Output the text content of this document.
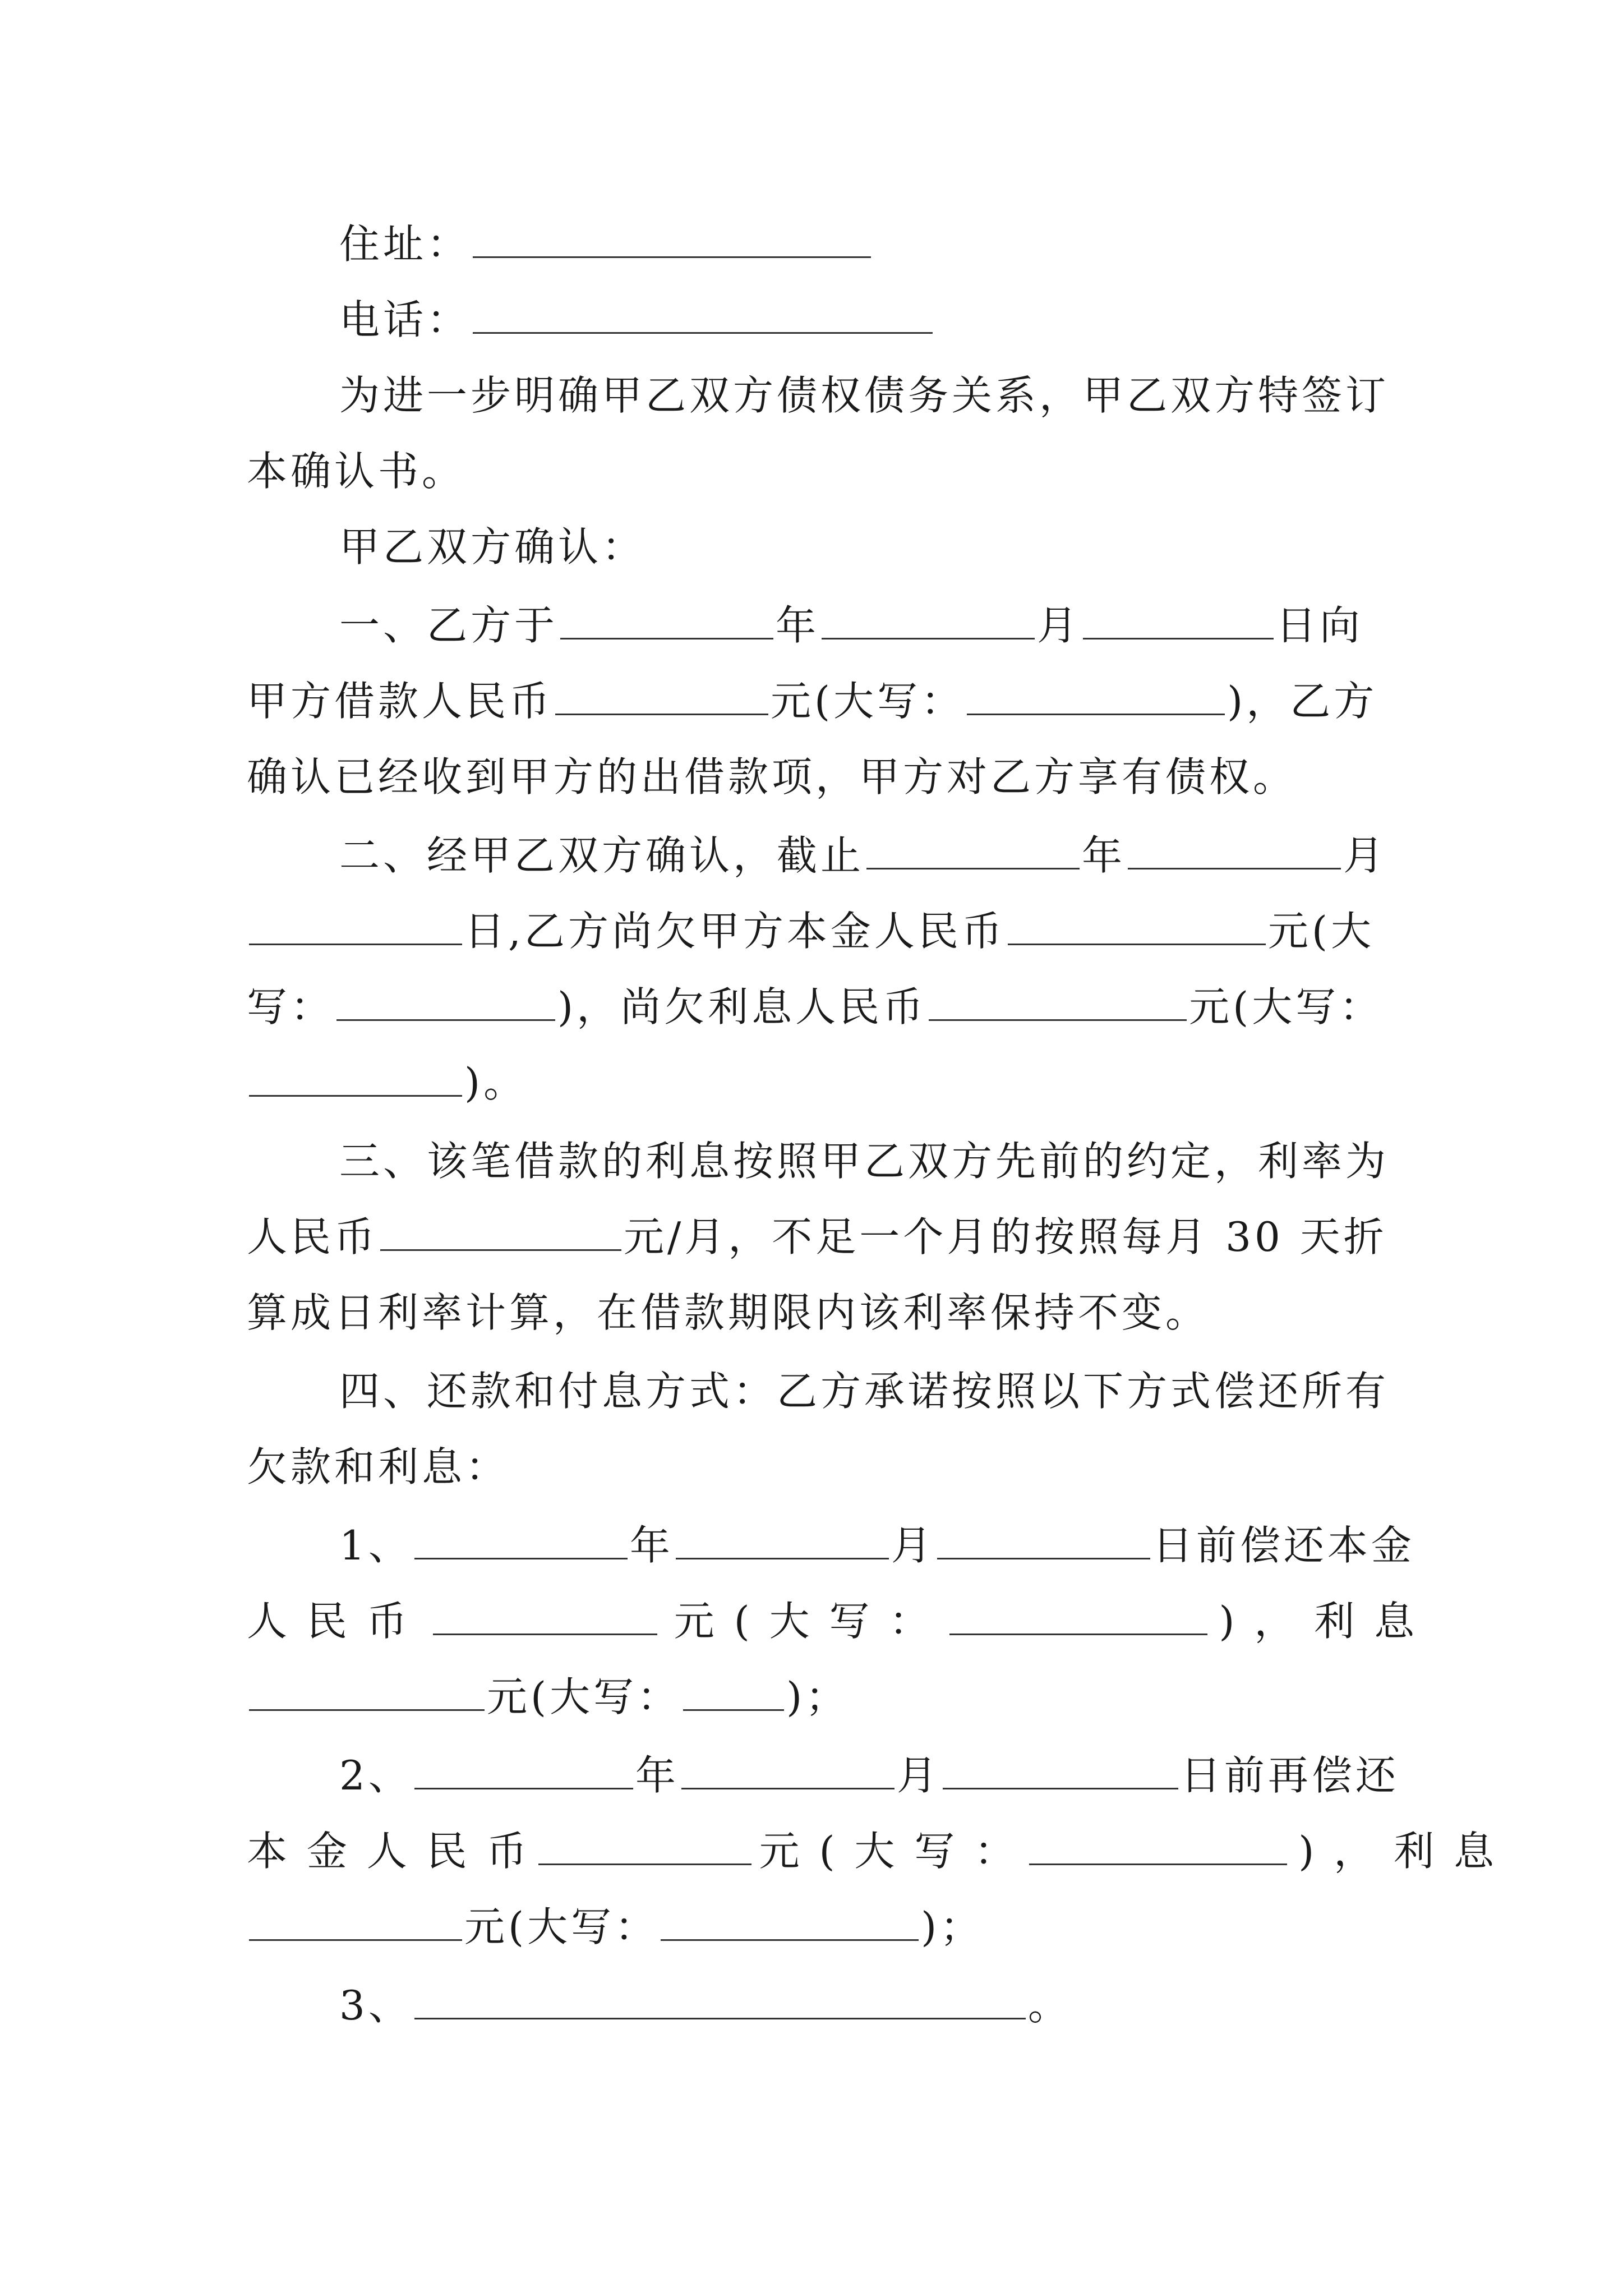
住址：
电话：
为进一步明确甲乙双方债权债务关系，甲乙双方特签订
本确认书。
甲乙双方确认：
一、乙方于	年	月	日向
甲方借款人民币	元(大写：	)，乙方
确认已经收到甲方的出借款项，甲方对乙方享有债权。
二、经甲乙双方确认，截止	年	月
日,乙方尚欠甲方本金人民币	元(大
写：	)，尚欠利息人民币	元(大写：
)。
三、该笔借款的利息按照甲乙双方先前的约定，利率为
人民币	元/月，不足一个月的按照每月 30 天折
算成日利率计算，在借款期限内该利率保持不变。
四、还款和付息方式：乙方承诺按照以下方式偿还所有
欠款和利息：
1、	年	月	日前偿还本金
人 民 币	元 ( 大 写 ：	) ， 利 息
元(大写：	)；
2、	年	月	日前再偿还
本 金 人 民 币	元 ( 大 写 ：	) ， 利 息
元(大写：	)；
3、	。
